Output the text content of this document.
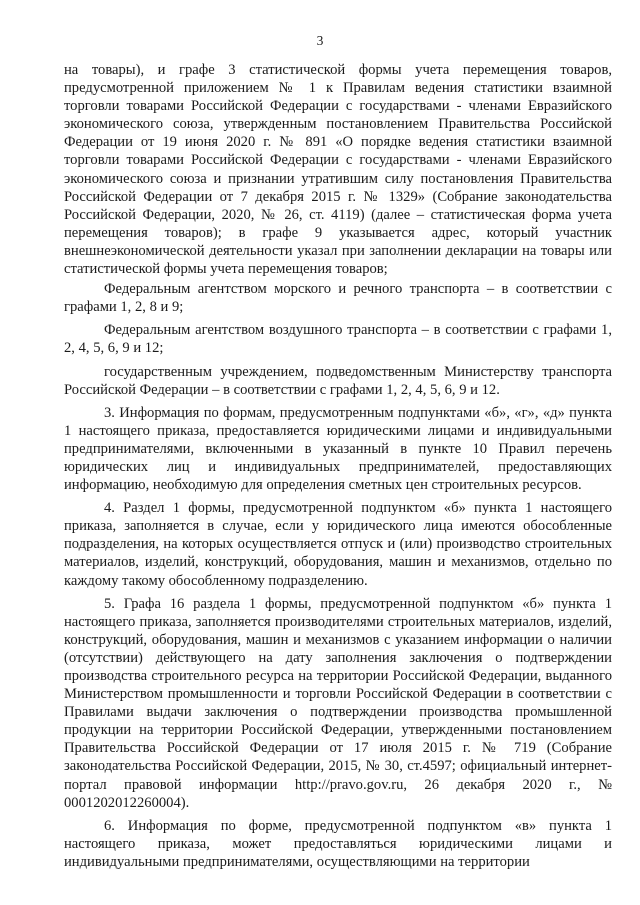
3

на товары), и графе 3 статистической формы учета перемещения товаров, предусмотренной приложением № 1 к Правилам ведения статистики взаимной торговли товарами Российской Федерации с государствами - членами Евразийского экономического союза, утвержденным постановлением Правительства Российской Федерации от 19 июня 2020 г. № 891 «О порядке ведения статистики взаимной торговли товарами Российской Федерации с государствами - членами Евразийского экономического союза и признании утратившим силу постановления Правительства Российской Федерации от 7 декабря 2015 г. № 1329» (Собрание законодательства Российской Федерации, 2020, № 26, ст. 4119) (далее – статистическая форма учета перемещения товаров); в графе 9 указывается адрес, который участник внешнеэкономической деятельности указал при заполнении декларации на товары или статистической формы учета перемещения товаров;

Федеральным агентством морского и речного транспорта – в соответствии с графами 1, 2, 8 и 9;

Федеральным агентством воздушного транспорта – в соответствии с графами 1, 2, 4, 5, 6, 9 и 12;

государственным учреждением, подведомственным Министерству транспорта Российской Федерации – в соответствии с графами 1, 2, 4, 5, 6, 9 и 12.

3. Информация по формам, предусмотренным подпунктами «б», «г», «д» пункта 1 настоящего приказа, предоставляется юридическими лицами и индивидуальными предпринимателями, включенными в указанный в пункте 10 Правил перечень юридических лиц и индивидуальных предпринимателей, предоставляющих информацию, необходимую для определения сметных цен строительных ресурсов.

4. Раздел 1 формы, предусмотренной подпунктом «б» пункта 1 настоящего приказа, заполняется в случае, если у юридического лица имеются обособленные подразделения, на которых осуществляется отпуск и (или) производство строительных материалов, изделий, конструкций, оборудования, машин и механизмов, отдельно по каждому такому обособленному подразделению.

5. Графа 16 раздела 1 формы, предусмотренной подпунктом «б» пункта 1 настоящего приказа, заполняется производителями строительных материалов, изделий, конструкций, оборудования, машин и механизмов с указанием информации о наличии (отсутствии) действующего на дату заполнения заключения о подтверждении производства строительного ресурса на территории Российской Федерации, выданного Министерством промышленности и торговли Российской Федерации в соответствии с Правилами выдачи заключения о подтверждении производства промышленной продукции на территории Российской Федерации, утвержденными постановлением Правительства Российской Федерации от 17 июля 2015 г. № 719 (Собрание законодательства Российской Федерации, 2015, № 30, ст.4597; официальный интернет-портал правовой информации http://pravo.gov.ru, 26 декабря 2020 г., № 0001202012260004).

6. Информация по форме, предусмотренной подпунктом «в» пункта 1 настоящего приказа, может предоставляться юридическими лицами и индивидуальными предпринимателями, осуществляющими на территории
